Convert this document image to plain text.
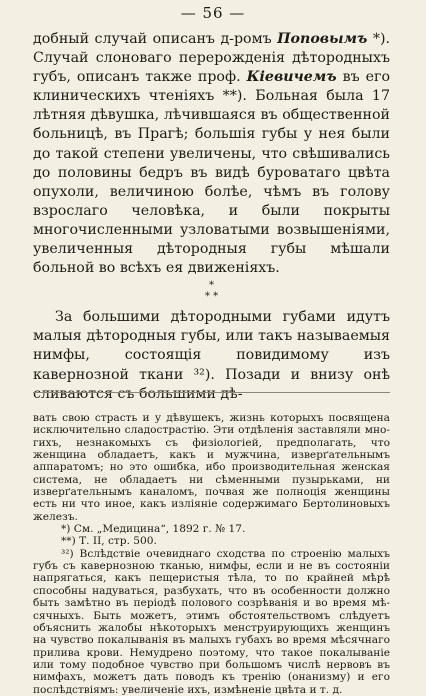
— 56 —

добный случай описанъ д-ромъ Поповымъ *). Случай слоноваго перерожденія дѣтородныхъ губъ, описанъ также проф. Кіевичемъ въ его клиническихъ чтеніяхъ **). Больная была 17 лѣтняя дѣвушка, лѣчившаяся въ общественной больницѣ, въ Прагѣ; большія губы у нея были до такой степени увеличены, что свѣшивались до половины бедръ въ видѣ буроватаго цвѣта опухоли, величиною болѣе, чѣмъ въ голову взрослаго человѣка, и были покрыты многочисленными узловатыми возвышеніями, увеличенныя дѣтородныя губы мѣшали больной во всѣхъ ея движеніяхъ.

*
* *

За большими дѣтородными губами идутъ малыя дѣтородныя губы, или такъ называемыя нимфы, состоящія повидимому изъ кавернозной ткани ³²). Позади и внизу онѣ сливаются съ большими дѣ-

вать свою страсть и у дѣвушекъ, жизнь которыхъ посвящена исключительно сладострастію. Эти отдѣленія заставляли многихъ, незнакомыхъ съ физіологіей, предполагать, что женщина обладаетъ, какъ и мужчина, изверґательнымъ аппаратомъ; но это ошибка, ибо производительная женская система, не обладаетъ ни сѣменными пузырьками, ни изверґательнымъ каналомъ, почвая же полноція женщины есть ни что иное, какъ изліяніе содержимаго Бертолиновыхъ железъ.

*) См. „Медицина“, 1892 г. № 17.

**) Т. II, стр. 500.

³²) Вслѣдствіе очевиднаго сходства по строенію малыхъ губъ съ кавернозною тканью, нимфы, если и не въ состояніи напрягаться, какъ пещеристыя тѣла, то по крайней мѣрѣ способны надуваться, разбухать, что въ особенности должно быть замѣтно въ періодѣ полового созрѣванія и во время мѣсячныхъ. Быть можетъ, этимъ обстоятельствомъ слѣдуетъ объяснить жалобы нѣкоторыхъ менструирующихъ женщинъ на чувство покалыванія въ малыхъ губахъ во время мѣсячнаго прилива крови. Немудрено поэтому, что такое покалываніе или тому подобное чувство при большомъ числѣ нервовъ въ нимфахъ, можетъ дать поводъ къ тренію (онанизму) и его послѣдствіямъ: увеличеніе ихъ, измѣненіе цвѣта и т. д.
